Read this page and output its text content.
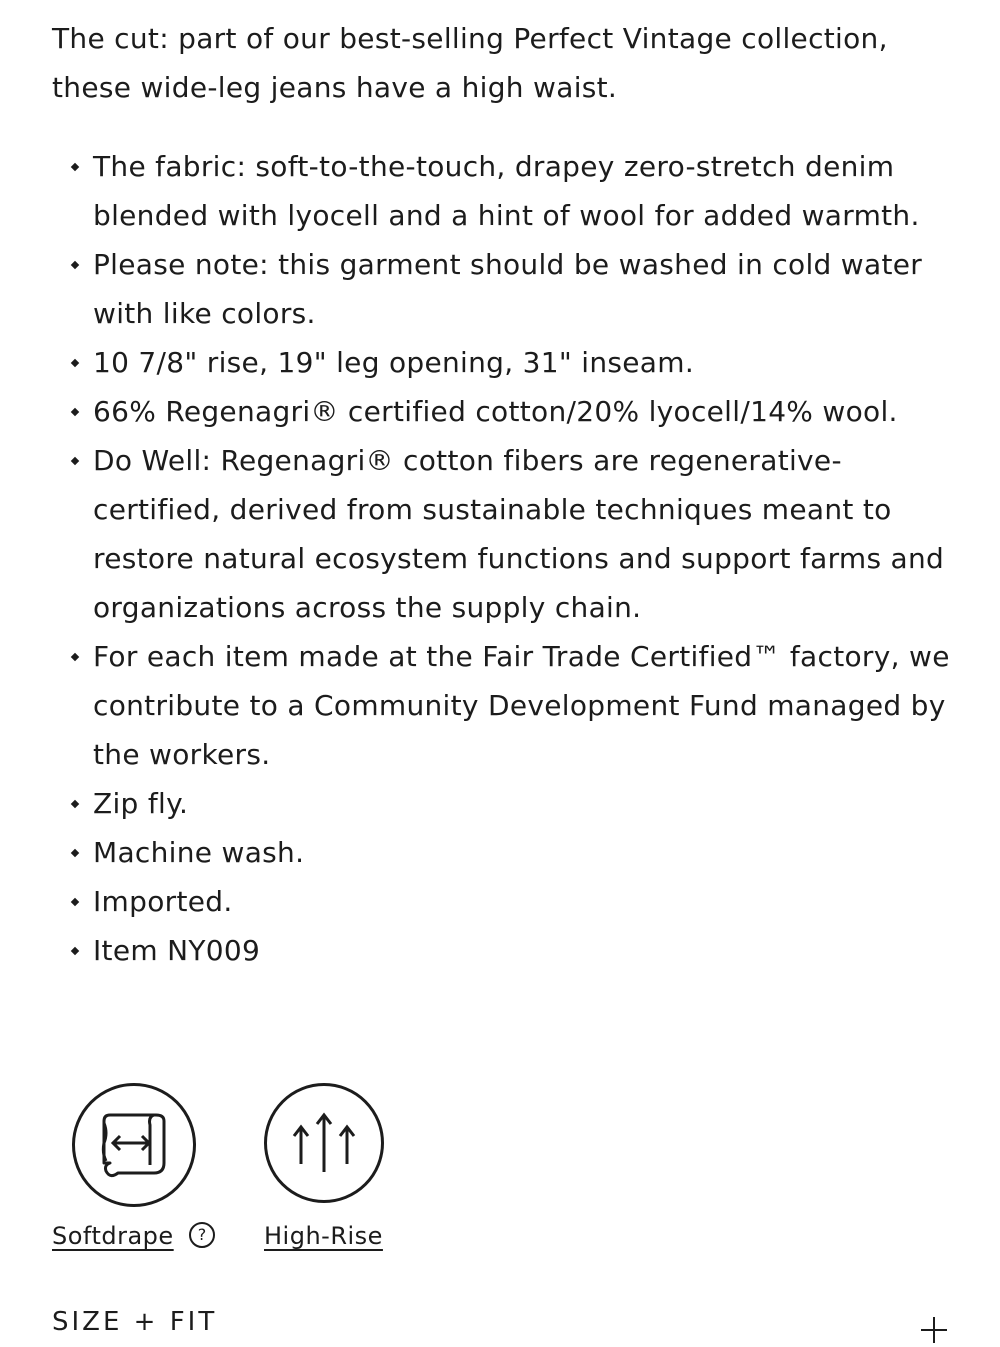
The cut: part of our best-selling Perfect Vintage collection, these wide-leg jeans have a high waist.

The fabric: soft-to-the-touch, drapey zero-stretch denim blended with lyocell and a hint of wool for added warmth.
Please note: this garment should be washed in cold water with like colors.
10 7/8" rise, 19" leg opening, 31" inseam.
66% Regenagri® certified cotton/20% lyocell/14% wool.
Do Well: Regenagri® cotton fibers are regenerative-certified, derived from sustainable techniques meant to restore natural ecosystem functions and support farms and organizations across the supply chain.
For each item made at the Fair Trade Certified™ factory, we contribute to a Community Development Fund managed by the workers.
Zip fly.
Machine wash.
Imported.
Item NY009
Softdrape	?	High-Rise
SIZE + FIT
